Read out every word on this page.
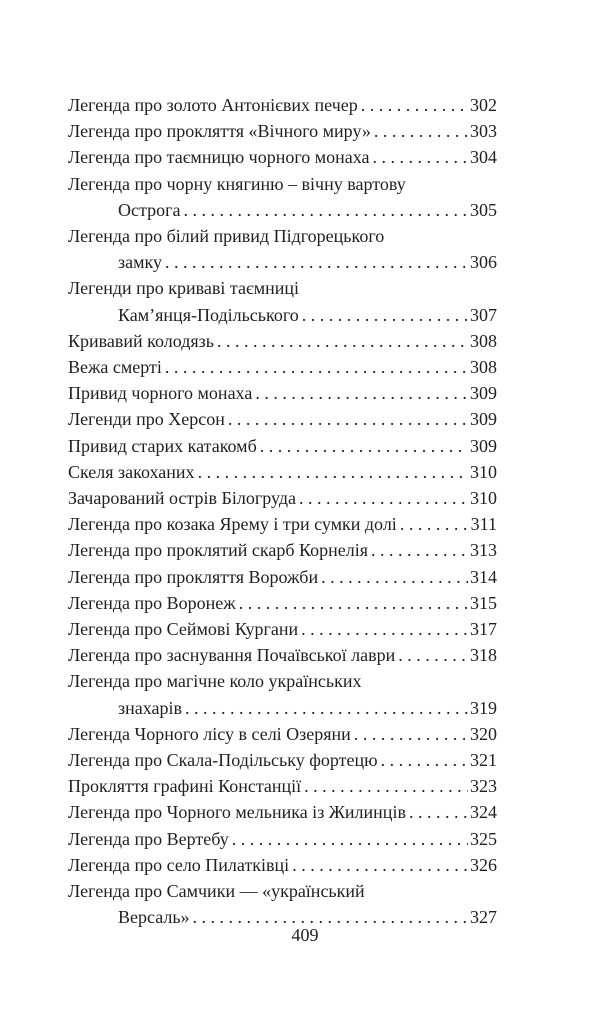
Легенда про золото Антонієвих печер . . .	302
Легенда про прокляття «Вічного миру» . . .	303
Легенда про таємницю чорного монаха . . .	304
Легенда про чорну княгиню – вічну вартову
Острога . . .	305
Легенда про білий привид Підгорецького
замку . . .	306
Легенди про криваві таємниці
Кам’янця-Подільського . . .	307
Кривавий колодязь . . .	308
Вежа смерті . . .	308
Привид чорного монаха . . .	309
Легенди про Херсон . . .	309
Привид старих катакомб . . .	309
Скеля закоханих . . .	310
Зачарований острів Білогруда . . .	310
Легенда про козака Ярему і три сумки долі . . .	311
Легенда про проклятий скарб Корнелія . . .	313
Легенда про прокляття Ворожби . . .	314
Легенда про Воронеж . . .	315
Легенда про Сеймові Кургани . . .	317
Легенда про заснування Почаївської лаври . . .	318
Легенда про магічне коло українських
знахарів . . .	319
Легенда Чорного лісу в селі Озеряни . . .	320
Легенда про Скала-Подільську фортецю . . .	321
Прокляття графині Констанції . . .	323
Легенда про Чорного мельника із Жилинців . . .	324
Легенда про Вертебу . . .	325
Легенда про село Пилатківці . . .	326
Легенда про Самчики — «український
Версаль» . . .	327
409
